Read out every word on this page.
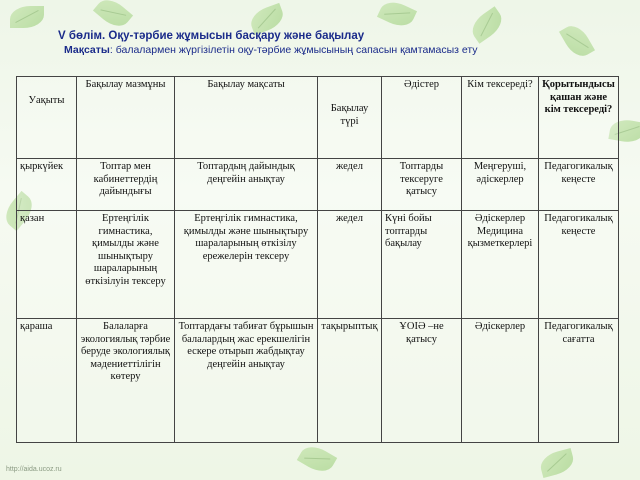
V бөлім. Оқу-тәрбие жұмысын басқару және бақылау
Мақсаты: балалармен жүргізілетін оқу-тәрбие жұмысының сапасын қамтамасыз ету
Уақыты	Бақылау мазмұны	Бақылау мақсаты	Бақылау түрі	Әдістер	Кім тексереді?	Қорытындысы қашан және кім тексереді?

қыркүйек	Топтар мен кабинеттердің дайындығы	Топтардың дайындық деңгейін анықтау	жедел	Топтарды тексеруге қатысу	Меңгеруші, әдіскерлер	Педагогикалық кеңесте
қазан	Ертеңгілік гимнастика, қимылды және шынықтыру шараларының өткізілуін тексеру	Ертеңгілік гимнастика, қимылды және шынықтыру шараларының өткізілу ережелерін тексеру	жедел	Күні бойы топтарды бақылау	Әдіскерлер Медицина қызметкерлері	Педагогикалық кеңесте
қараша	Балаларға экологиялық тәрбие беруде экологиялық мәдениеттілігін көтеру	Топтардағы табиғат бұрышын балалардың жас ерекшелігін ескере отырып жабдықтау деңгейін анықтау	тақырыптық	ҰОІӘ –не қатысу	Әдіскерлер	Педагогикалық сағатта
http://aida.ucoz.ru
